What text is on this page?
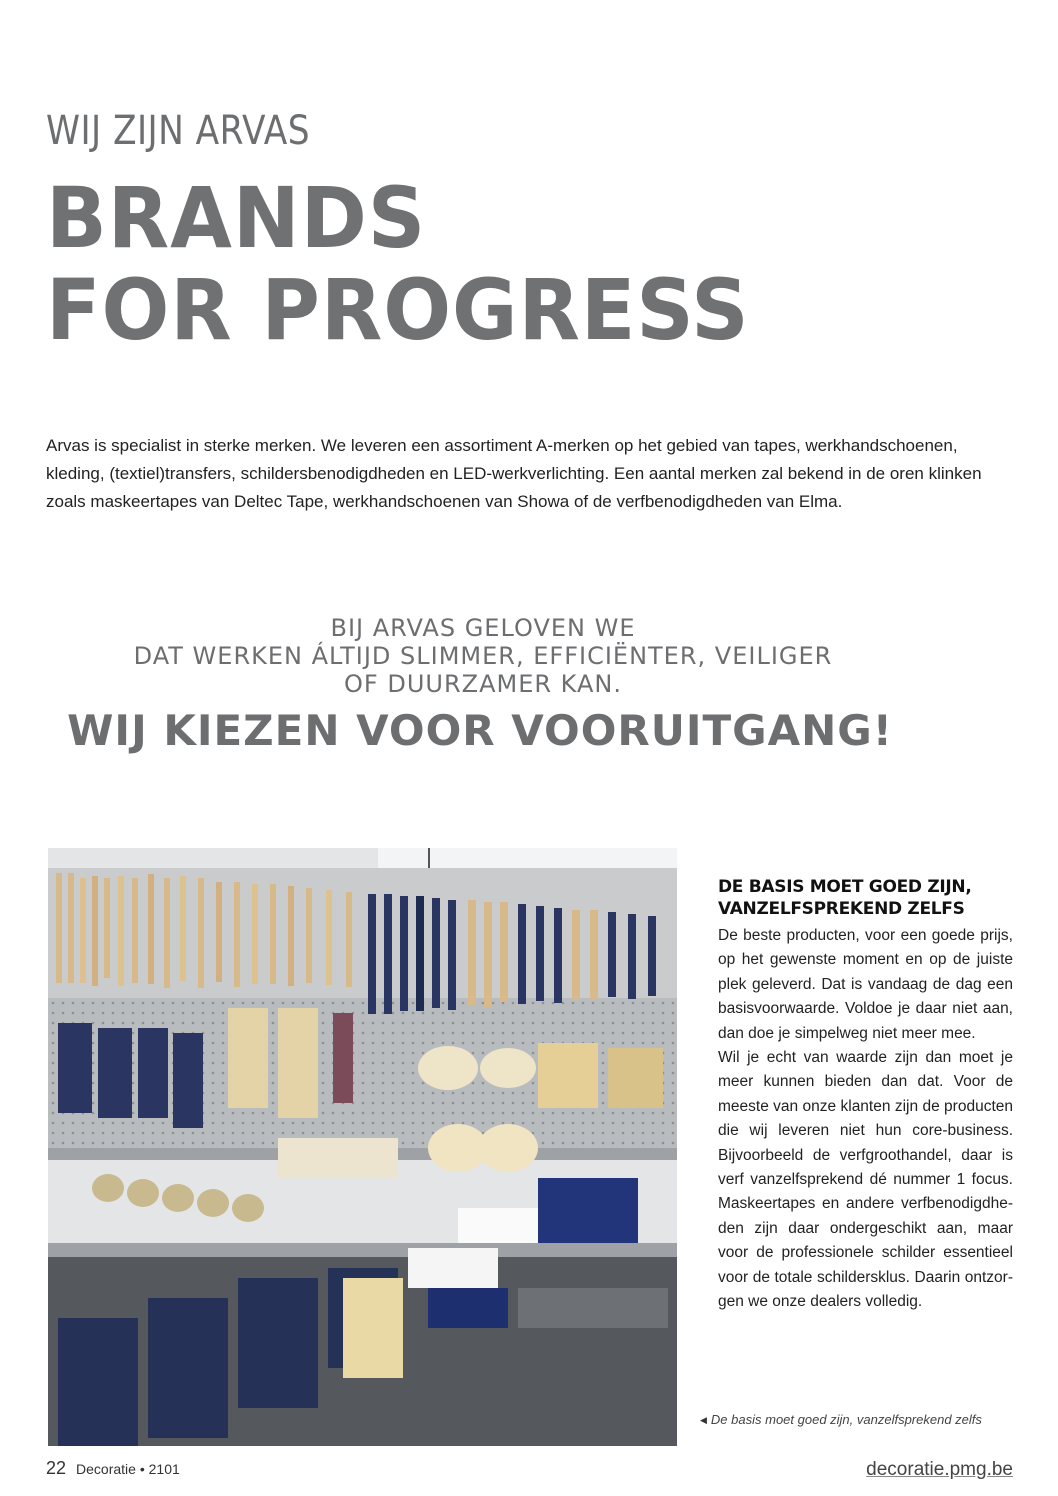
WIJ ZIJN ARVAS
BRANDS
FOR PROGRESS

Arvas is specialist in sterke merken. We leveren een assortiment A-merken op het gebied van tapes, werkhandschoenen, kleding, (textiel)transfers, schildersbenodigdheden en LED-werkverlichting. Een aantal merken zal bekend in de oren klinken zoals maskeertapes van Deltec Tape, werkhandschoenen van Showa of de verfbenodigdheden van Elma.

BIJ ARVAS GELOVEN WE
DAT WERKEN ÁLTIJD SLIMMER, EFFICIËNTER, VEILIGER
OF DUURZAMER KAN.
WIJ KIEZEN VOOR VOORUITGANG!
DE BASIS MOET GOED ZIJN,
VANZELFSPREKEND ZELFS

De beste producten, voor een goede prijs, op het gewenste moment en op de juiste plek geleverd. Dat is vandaag de dag een basisvoorwaarde. Voldoe je daar niet aan, dan doe je simpelweg niet meer mee.

Wil je echt van waarde zijn dan moet je meer kunnen bieden dan dat. Voor de meeste van onze klanten zijn de producten die wij leveren niet hun core-business. Bijvoorbeeld de verfgroothandel, daar is verf vanzelfsprekend dé nummer 1 focus. Maskeertapes en andere verfbenodigdheden zijn daar ondergeschikt aan, maar voor de professionele schilder essentieel voor de totale schildersklus. Daarin ontzorgen we onze dealers volledig.

◀ De basis moet goed zijn, vanzelfsprekend zelfs
22 Decoratie • 2101	decoratie.pmg.be
